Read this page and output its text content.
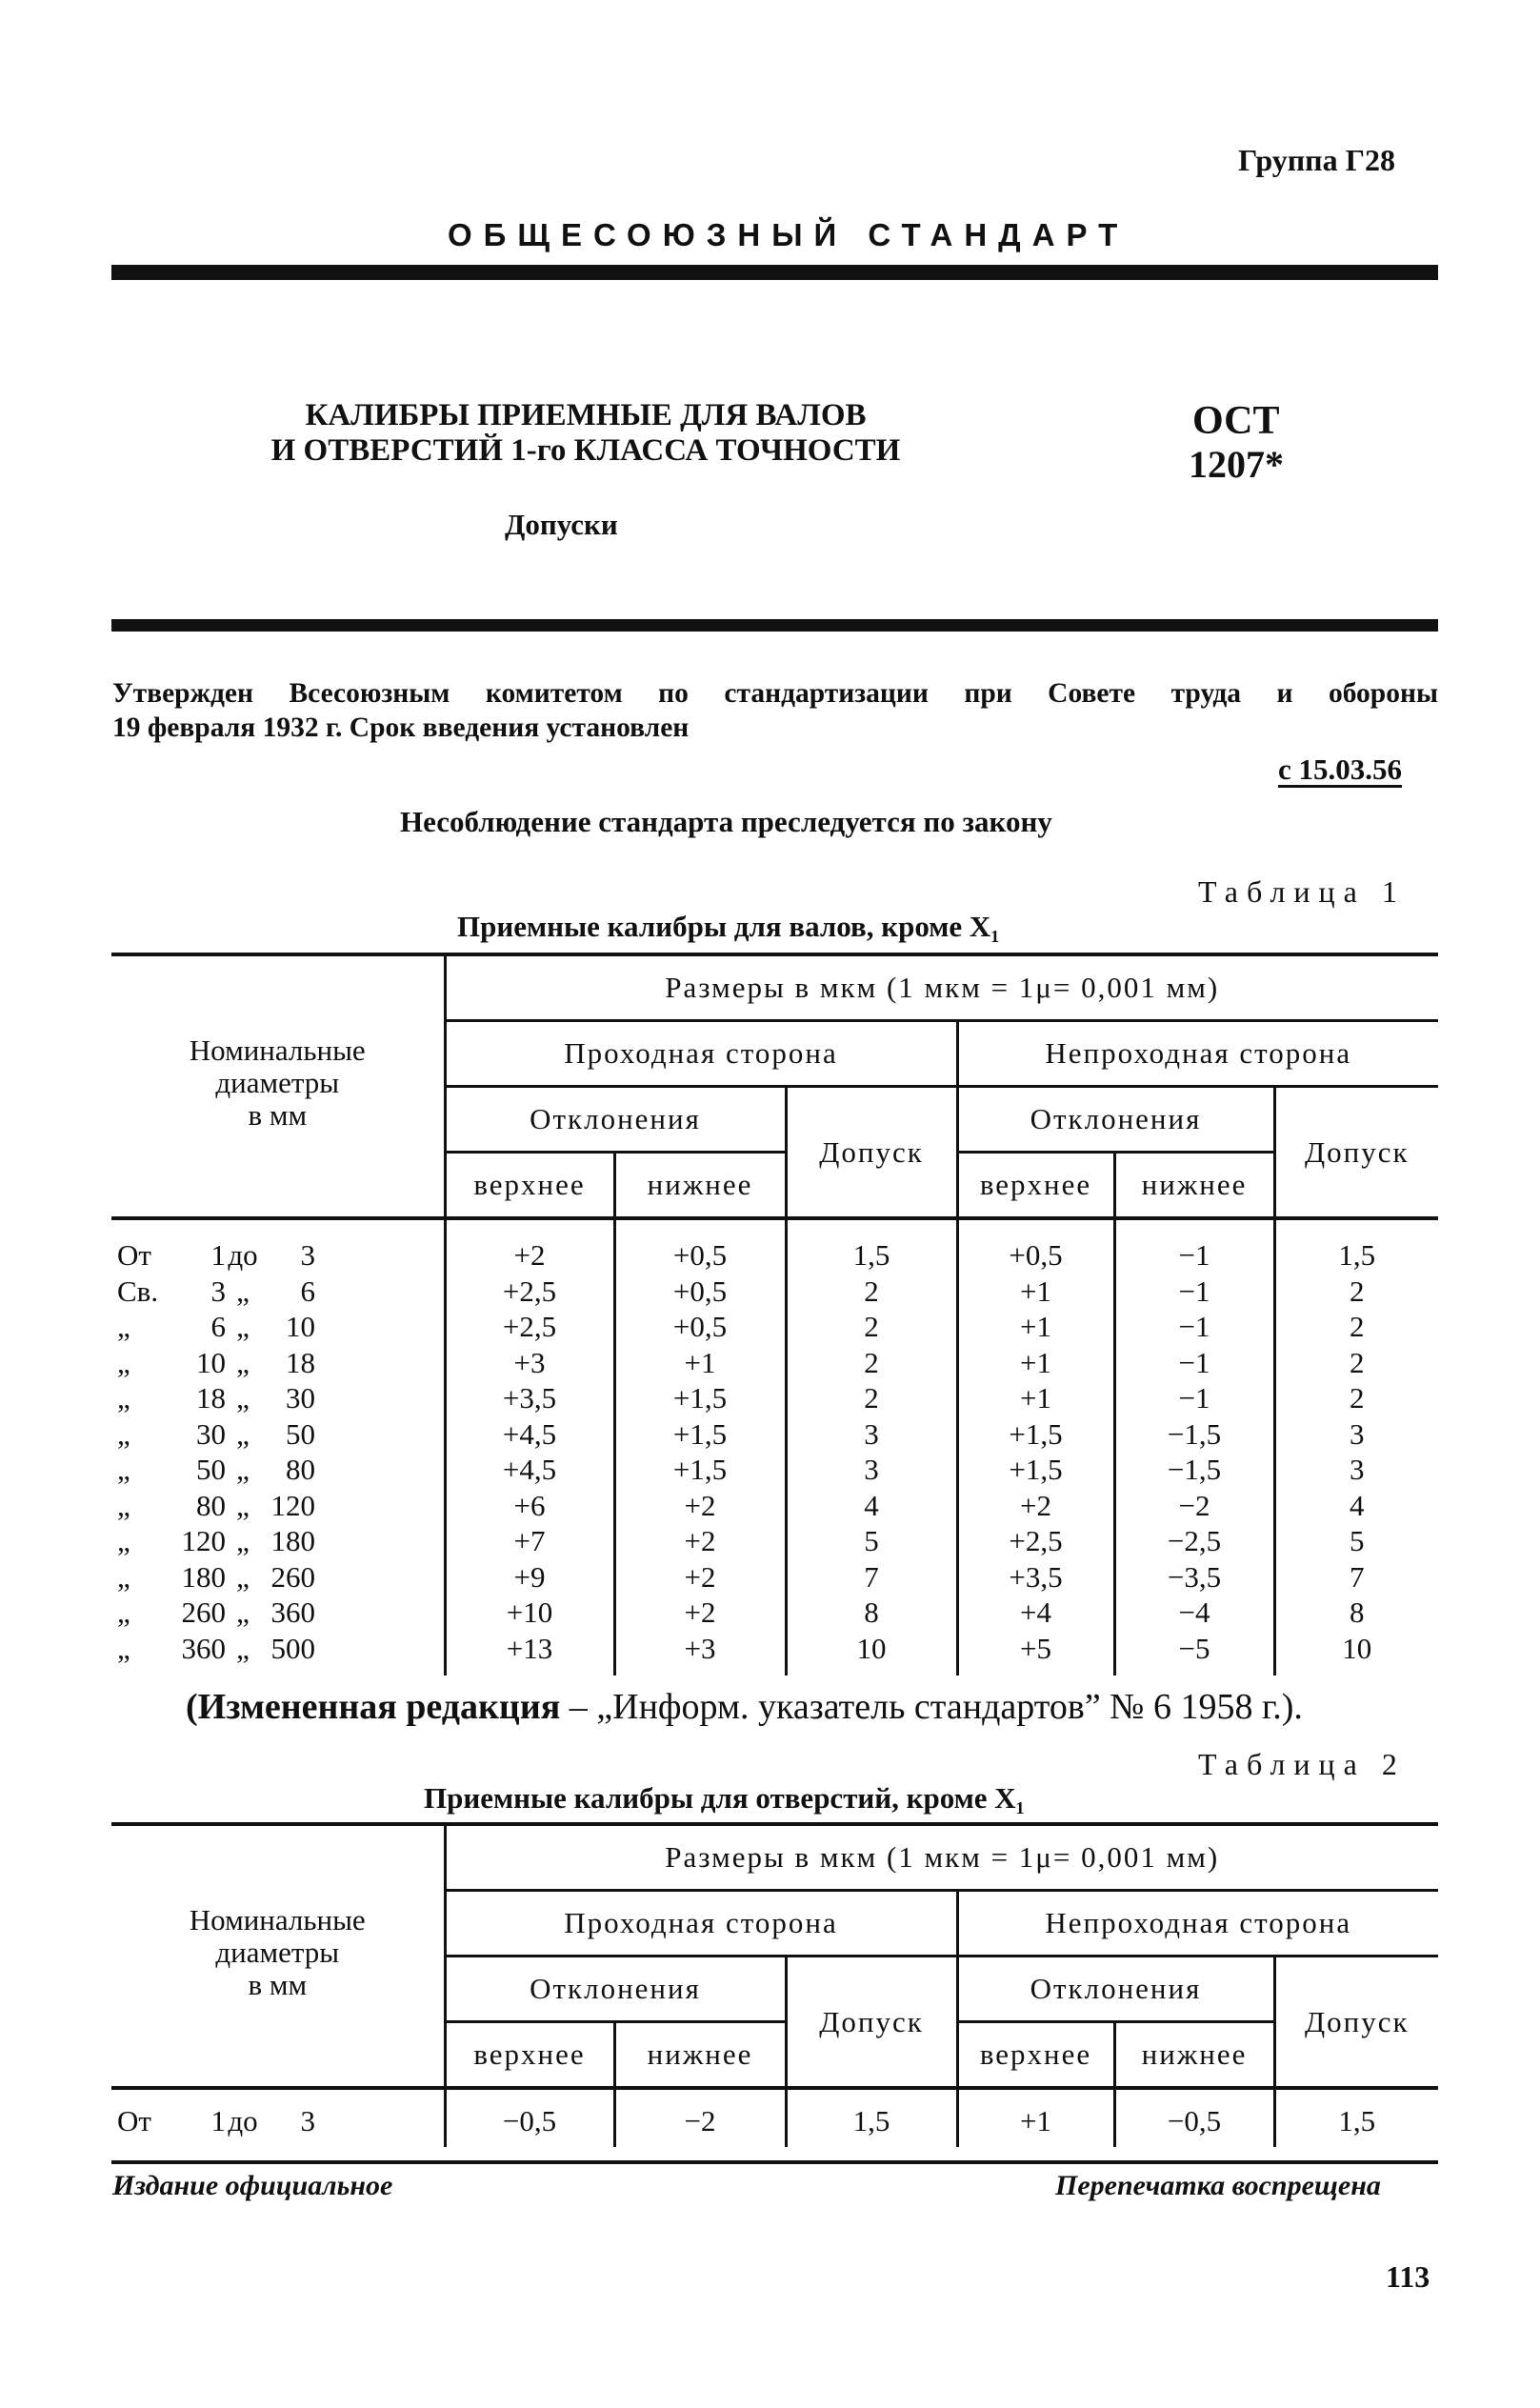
Группа Г28
ОБЩЕСОЮЗНЫЙ СТАНДАРТ
КАЛИБРЫ ПРИЕМНЫЕ ДЛЯ ВАЛОВ
И ОТВЕРСТИЙ 1-го КЛАССА ТОЧНОСТИ
Допуски
ОСТ
1207*
Утвержден Всесоюзным комитетом по стандартизации при Совете труда и обороны
19 февраля 1932 г. Срок введения установлен
с 15.03.56
Несоблюдение стандарта преследуется по закону
Таблица 1
Приемные калибры для валов, кроме X₁
Номинальные
диаметры
в мм	Размеры в мкм (1 мкм = 1μ= 0,001 мм)					
	Проходная сторона			Непроходная сторона		
	Отклонения		Допуск	Отклонения		Допуск
	верхнее	нижнее		верхнее	нижнее	

От 1до 3	+2	+0,5	1,5	+0,5	−1	1,5
Св. 3 „ 6	+2,5	+0,5	2	+1	−1	2
„ 6 „ 10	+2,5	+0,5	2	+1	−1	2
„ 10 „ 18	+3	+1	2	+1	−1	2
„ 18 „ 30	+3,5	+1,5	2	+1	−1	2
„ 30 „ 50	+4,5	+1,5	3	+1,5	−1,5	3
„ 50 „ 80	+4,5	+1,5	3	+1,5	−1,5	3
„ 80 „ 120	+6	+2	4	+2	−2	4
„ 120 „ 180	+7	+2	5	+2,5	−2,5	5
„ 180 „ 260	+9	+2	7	+3,5	−3,5	7
„ 260 „ 360	+10	+2	8	+4	−4	8
„ 360 „ 500	+13	+3	10	+5	−5	10

(Измененная редакция – „Информ. указатель стандартов” № 6 1958 г.).
Таблица 2
Приемные калибры для отверстий, кроме X₁
Номинальные
диаметры
в мм	Размеры в мкм (1 мкм = 1μ= 0,001 мм)					
	Проходная сторона			Непроходная сторона		
	Отклонения		Допуск	Отклонения		Допуск
	верхнее	нижнее		верхнее	нижнее	

От 1до 3	−0,5	−2	1,5	+1	−0,5	1,5

Издание официальное	Перепечатка воспрещена
113
